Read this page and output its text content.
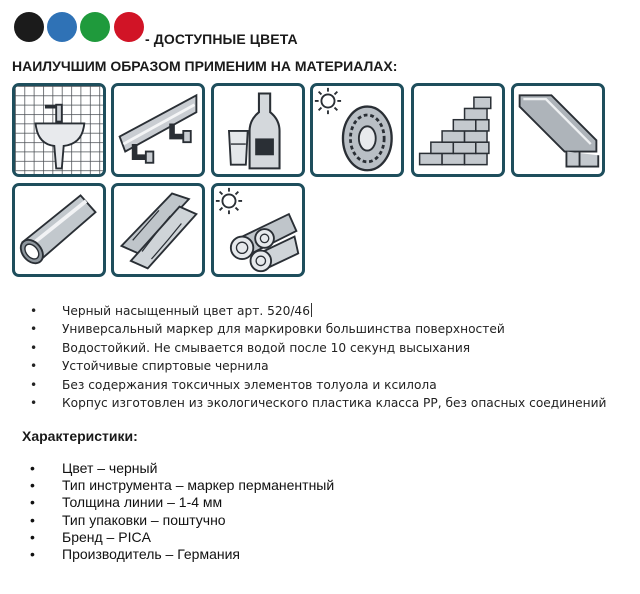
- ДОСТУПНЫЕ ЦВЕТА
НАИЛУЧШИМ ОБРАЗОМ ПРИМЕНИМ НА МАТЕРИАЛАХ:
• Черный насыщенный цвет арт. 520/46
• Универсальный маркер для маркировки большинства поверхностей
• Водостойкий. Не смывается водой после 10 секунд высыхания
• Устойчивые спиртовые чернила
• Без содержания токсичных элементов толуола и ксилола
• Корпус изготовлен из экологического пластика класса PP, без опасных соединений
Характеристики:
• Цвет – черный
• Тип инструмента – маркер перманентный
• Толщина линии – 1-4 мм
• Тип упаковки – поштучно
• Бренд – PICA
• Производитель – Германия
